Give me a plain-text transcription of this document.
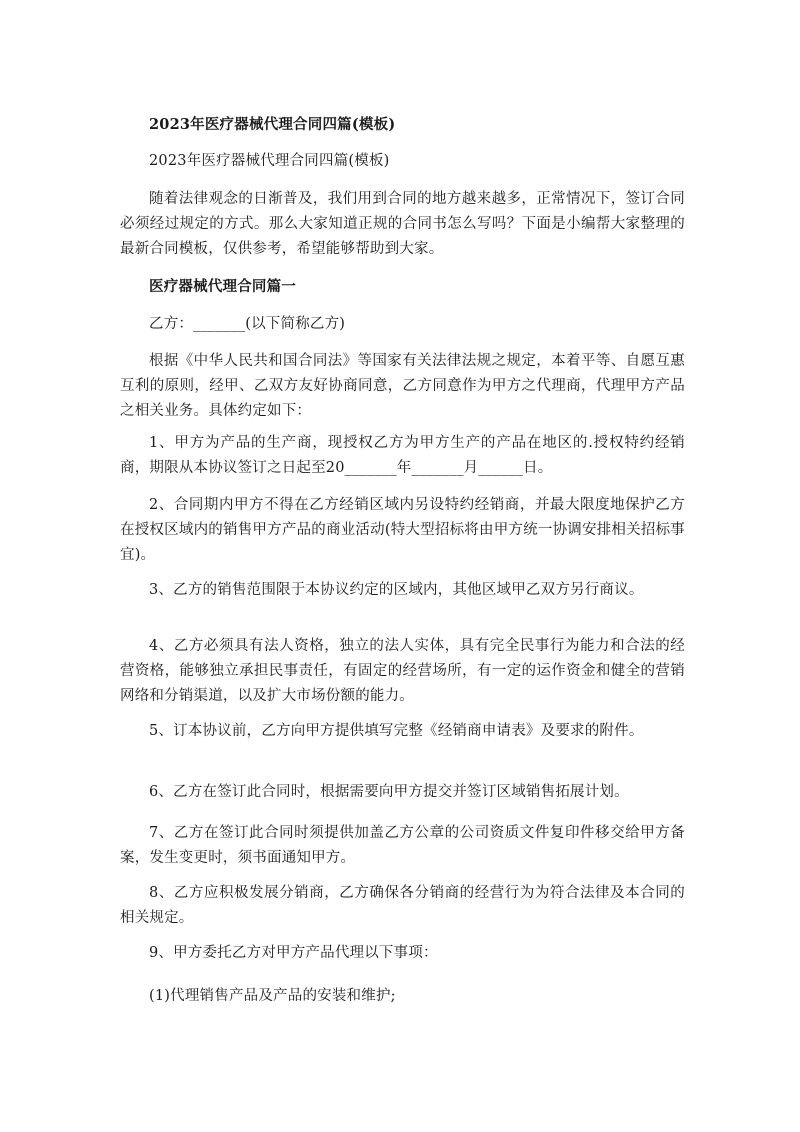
2023年医疗器械代理合同四篇(模板)

2023年医疗器械代理合同四篇(模板)

随着法律观念的日渐普及，我们用到合同的地方越来越多，正常情况下，签订合同必须经过规定的方式。那么大家知道正规的合同书怎么写吗？下面是小编帮大家整理的最新合同模板，仅供参考，希望能够帮助到大家。

医疗器械代理合同篇一

乙方：_______(以下简称乙方)

根据《中华人民共和国合同法》等国家有关法律法规之规定，本着平等、自愿互惠互利的原则，经甲、乙双方友好协商同意，乙方同意作为甲方之代理商，代理甲方产品之相关业务。具体约定如下：

1、甲方为产品的生产商，现授权乙方为甲方生产的产品在地区的.授权特约经销商，期限从本协议签订之日起至20_______年_______月______日。

2、合同期内甲方不得在乙方经销区域内另设特约经销商，并最大限度地保护乙方在授权区域内的销售甲方产品的商业活动(特大型招标将由甲方统一协调安排相关招标事宜)。

3、乙方的销售范围限于本协议约定的区域内，其他区域甲乙双方另行商议。

4、乙方必须具有法人资格，独立的法人实体，具有完全民事行为能力和合法的经营资格，能够独立承担民事责任，有固定的经营场所，有一定的运作资金和健全的营销网络和分销渠道，以及扩大市场份额的能力。

5、订本协议前，乙方向甲方提供填写完整《经销商申请表》及要求的附件。

6、乙方在签订此合同时，根据需要向甲方提交并签订区域销售拓展计划。

7、乙方在签订此合同时须提供加盖乙方公章的公司资质文件复印件移交给甲方备案，发生变更时，须书面通知甲方。

8、乙方应积极发展分销商，乙方确保各分销商的经营行为为符合法律及本合同的相关规定。

9、甲方委托乙方对甲方产品代理以下事项：

(1)代理销售产品及产品的安装和维护;
